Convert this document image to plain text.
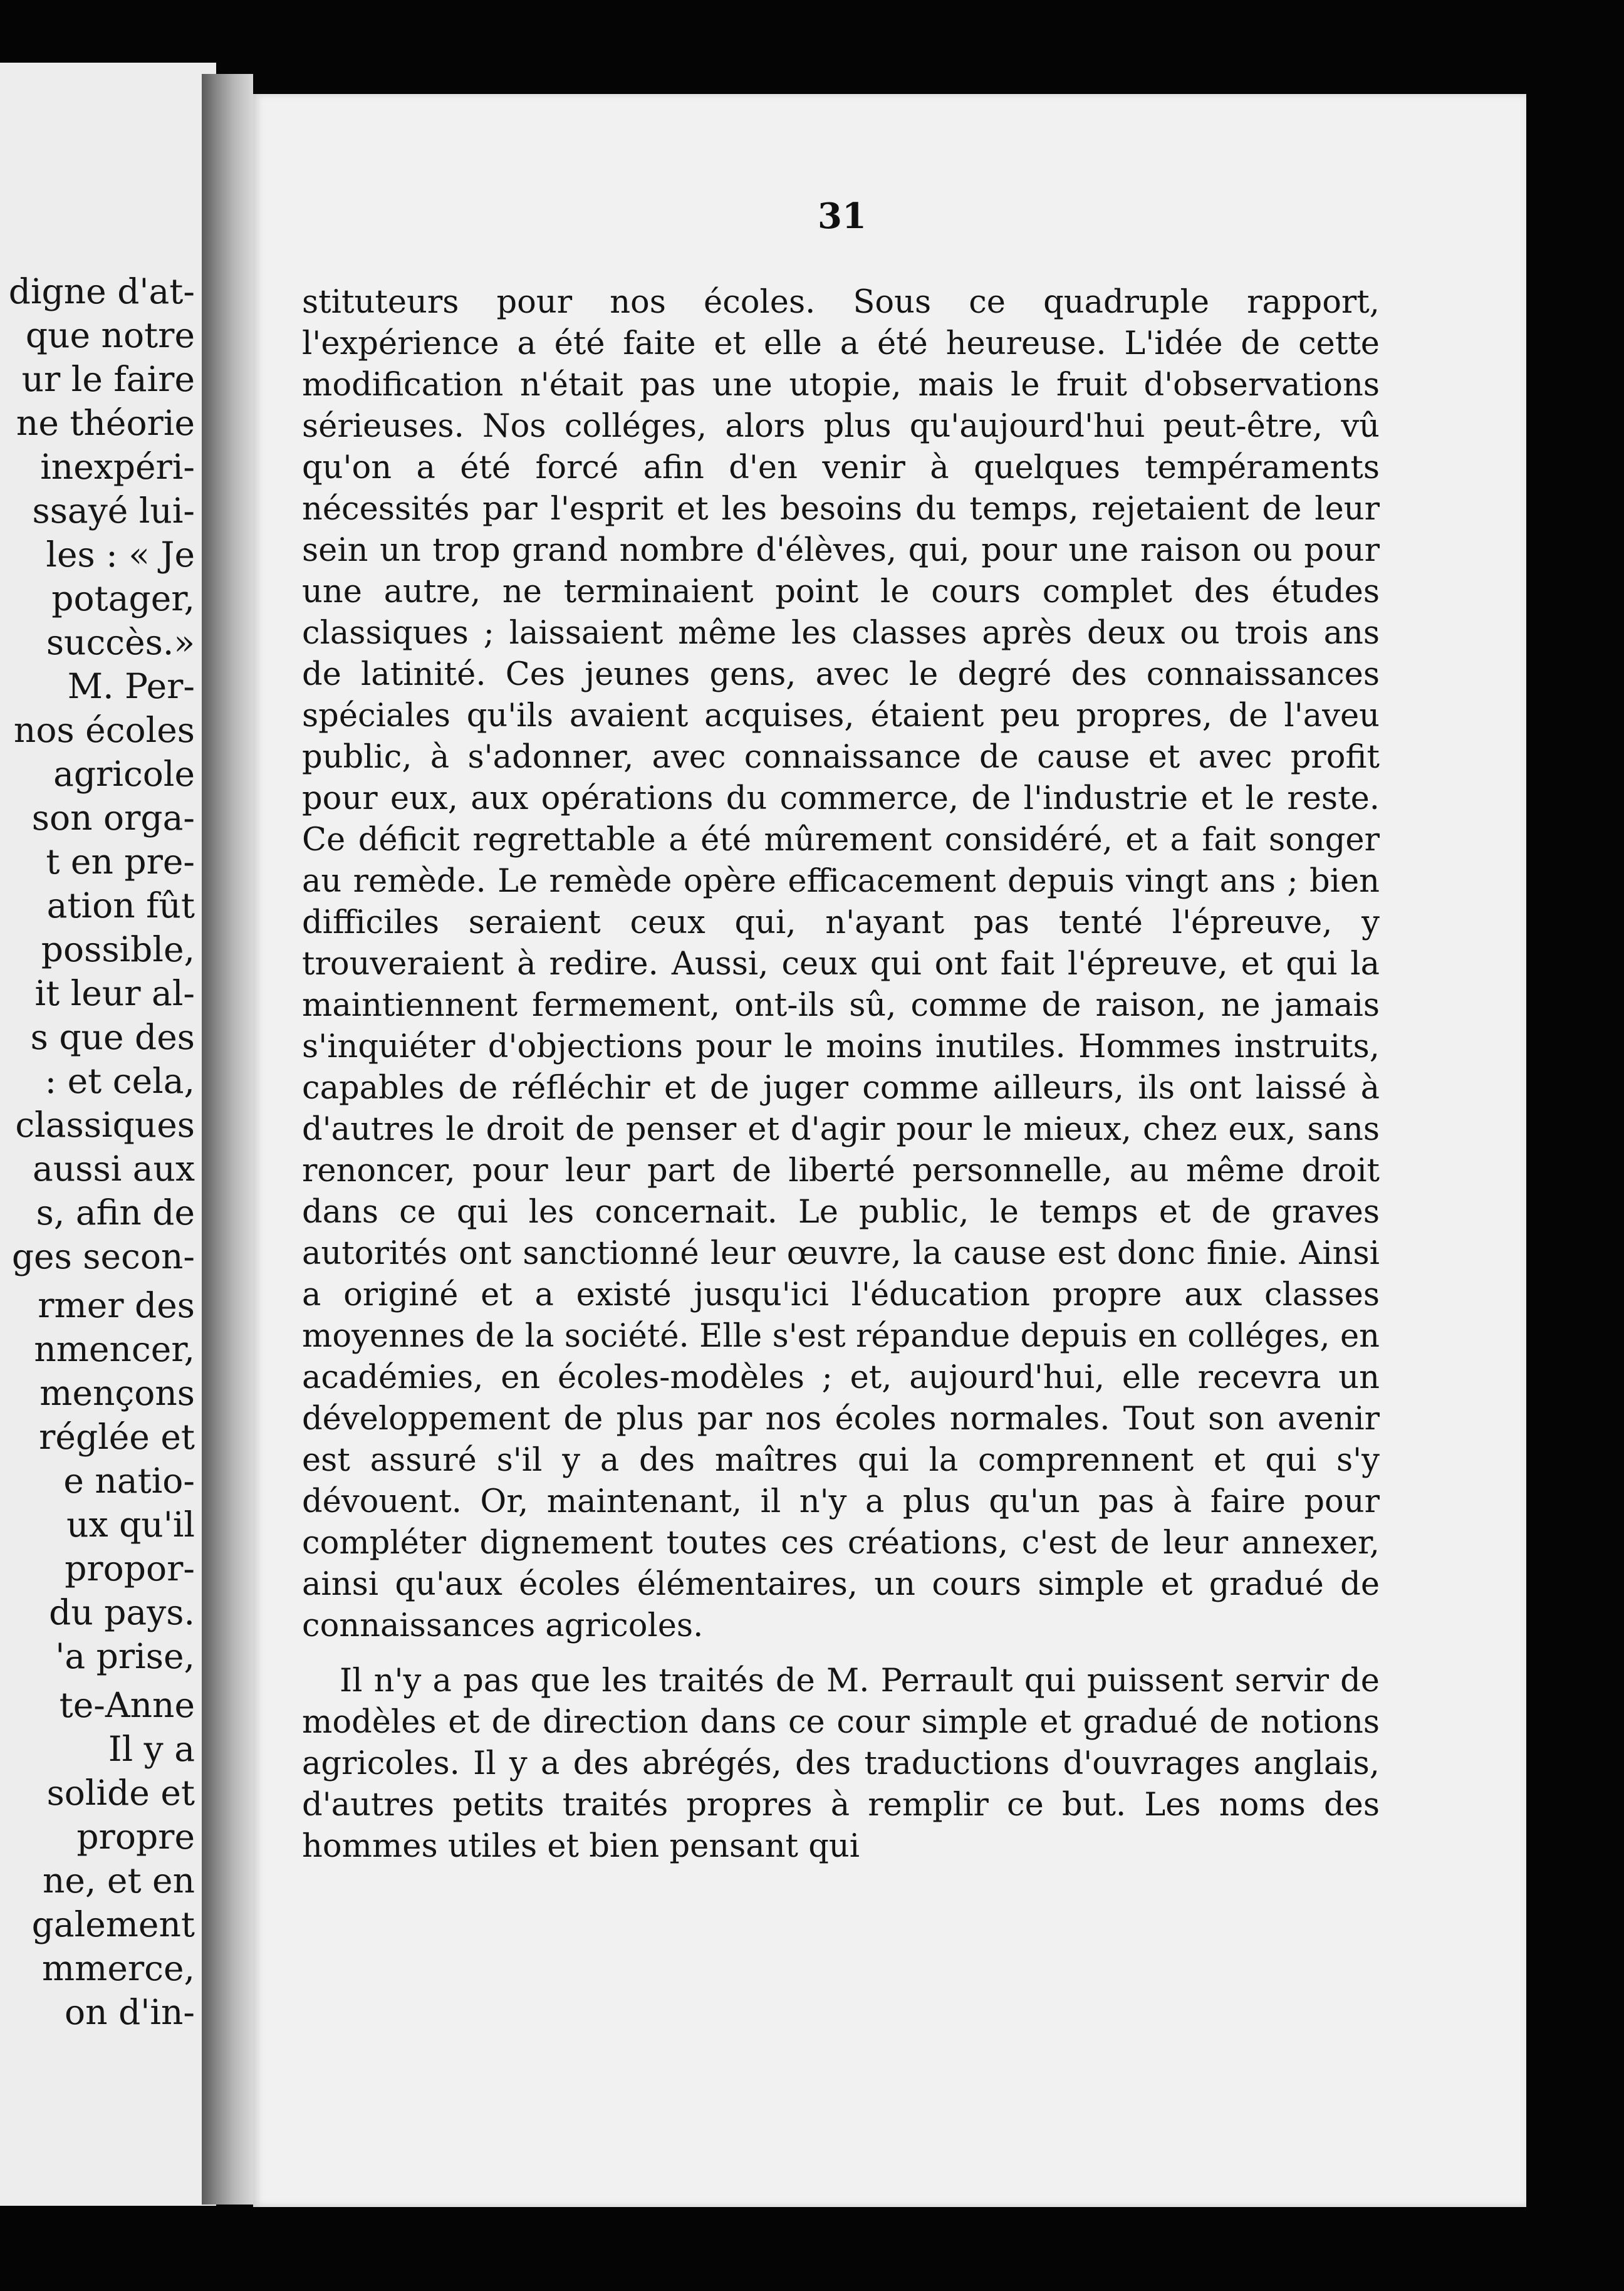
digne d'at-
que notre
ur le faire
ne théorie
inexpéri-
ssayé lui-
les : « Je
potager,
succès.»
M. Per-
nos écoles
agricole
son orga-
t en pre-
ation fût
possible,
it leur al-
s que des
: et cela,
classiques
aussi aux
s, afin de
ges secon-
rmer des
nmencer,
mençons
réglée et
e natio-
ux qu'il
propor-
du pays.
'a prise,
te-Anne
Il y a
solide et
propre
ne, et en
galement
mmerce,
on d'in-
31

stituteurs pour nos écoles. Sous ce quadruple rapport, l'expérience a été faite et elle a été heureuse. L'idée de cette modification n'était pas une utopie, mais le fruit d'observations sérieuses. Nos colléges, alors plus qu'aujourd'hui peut-être, vû qu'on a été forcé afin d'en venir à quelques tempéraments nécessités par l'esprit et les besoins du temps, rejetaient de leur sein un trop grand nombre d'élèves, qui, pour une raison ou pour une autre, ne terminaient point le cours complet des études classiques ; laissaient même les classes après deux ou trois ans de latinité. Ces jeunes gens, avec le degré des connaissances spéciales qu'ils avaient acquises, étaient peu propres, de l'aveu public, à s'adonner, avec connaissance de cause et avec profit pour eux, aux opérations du commerce, de l'industrie et le reste. Ce déficit regrettable a été mûrement considéré, et a fait songer au remède. Le remède opère efficacement depuis vingt ans ; bien difficiles seraient ceux qui, n'ayant pas tenté l'épreuve, y trouveraient à redire. Aussi, ceux qui ont fait l'épreuve, et qui la maintiennent fermement, ont-ils sû, comme de raison, ne jamais s'inquiéter d'objections pour le moins inutiles. Hommes instruits, capables de réfléchir et de juger comme ailleurs, ils ont laissé à d'autres le droit de penser et d'agir pour le mieux, chez eux, sans renoncer, pour leur part de liberté personnelle, au même droit dans ce qui les concernait. Le public, le temps et de graves autorités ont sanctionné leur œuvre, la cause est donc finie. Ainsi a originé et a existé jusqu'ici l'éducation propre aux classes moyennes de la société. Elle s'est répandue depuis en colléges, en académies, en écoles-modèles ; et, aujourd'hui, elle recevra un développement de plus par nos écoles normales. Tout son avenir est assuré s'il y a des maîtres qui la comprennent et qui s'y dévouent. Or, maintenant, il n'y a plus qu'un pas à faire pour compléter dignement toutes ces créations, c'est de leur annexer, ainsi qu'aux écoles élémentaires, un cours simple et gradué de connaissances agricoles.

Il n'y a pas que les traités de M. Perrault qui puissent servir de modèles et de direction dans ce cour simple et gradué de notions agricoles. Il y a des abrégés, des traductions d'ouvrages anglais, d'autres petits traités propres à remplir ce but. Les noms des hommes utiles et bien pensant qui
